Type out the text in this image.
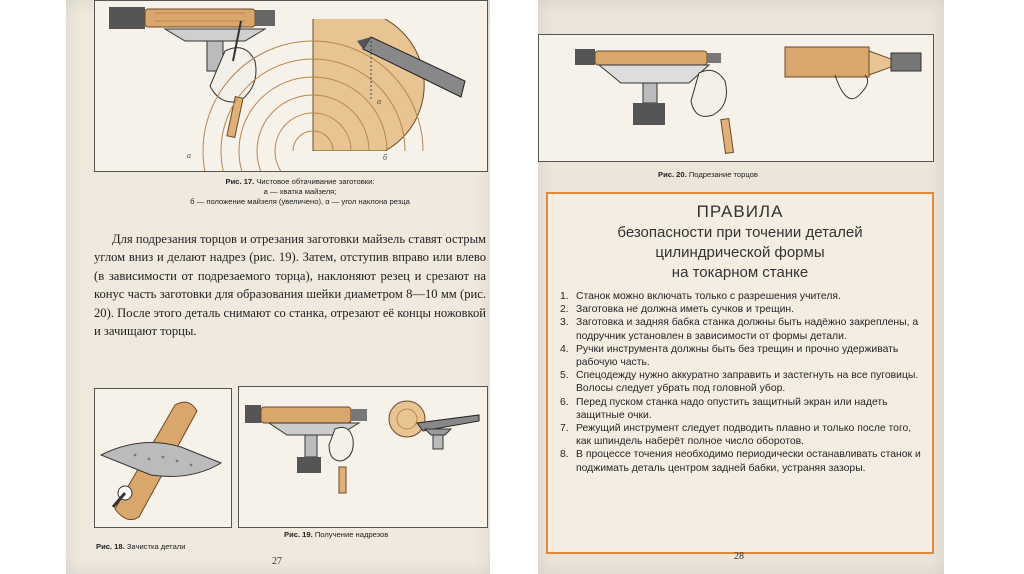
а	б
α
Рис. 17. Чистовое обтачивание заготовки:
а — хватка майзеля;
б — положение майзеля (увеличено), α — угол наклона резца

Для подрезания торцов и отрезания заготовки майзель ставят острым углом вниз и делают надрез (рис. 19). Затем, отступив вправо или влево (в зависимости от подрезаемого торца), наклоняют резец и срезают на конус часть заготовки для образования шейки диаметром 8—10 мм (рис. 20). После этого деталь снимают со станка, отрезают её концы ножовкой и зачищают торцы.

Рис. 18. Зачистка детали
Рис. 19. Получение надрезов
27
Рис. 20. Подрезание торцов
ПРАВИЛА
безопасности при точении деталей
цилиндрической формы
на токарном станке
1. Станок можно включать только с разрешения учителя.
2. Заготовка не должна иметь сучков и трещин.
3. Заготовка и задняя бабка станка должны быть надёжно закреплены, а подручник установлен в зависимости от формы детали.
4. Ручки инструмента должны быть без трещин и прочно удерживать рабочую часть.
5. Спецодежду нужно аккуратно заправить и застегнуть на все пуговицы. Волосы следует убрать под головной убор.
6. Перед пуском станка надо опустить защитный экран или надеть защитные очки.
7. Режущий инструмент следует подводить плавно и только после того, как шпиндель наберёт полное число оборотов.
8. В процессе точения необходимо периодически останавливать станок и поджимать деталь центром задней бабки, устраняя зазоры.
28
